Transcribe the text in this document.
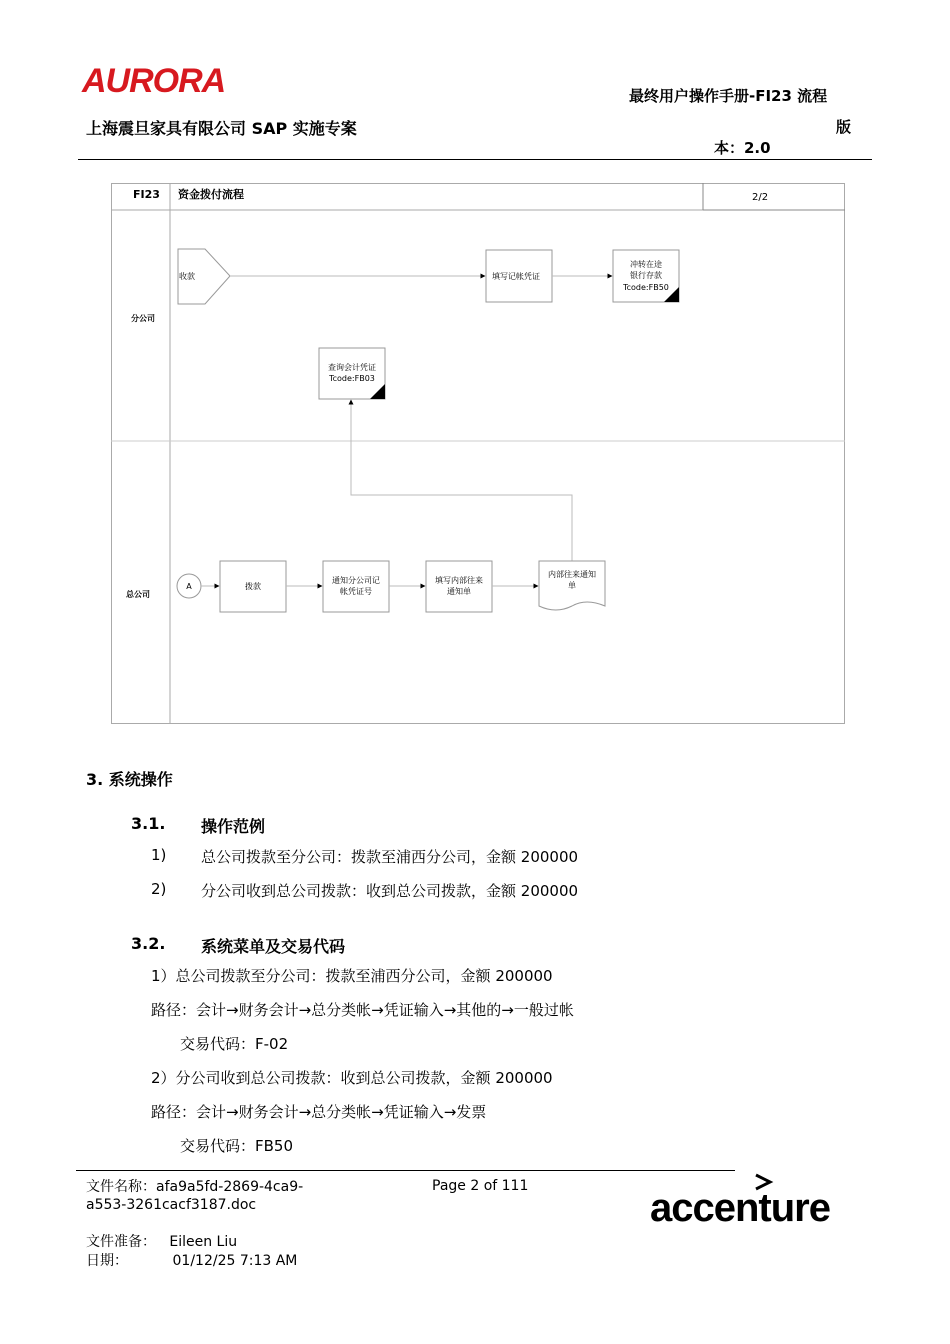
AURORA
上海震旦家具有限公司 SAP 实施专案
最终用户操作手册-FI23 流程
版
本：2.0
FI23 资金拨付流程	2/2
分公司
总公司
收款	填写记帐凭证
冲转在途
银行存款
Tcode:FB50
查询会计凭证
Tcode:FB03
A	拨款
通知分公司记
帐凭证号
填写内部往来
通知单
内部往来通知
单
3. 系统操作
3.1. 操作范例
1) 总公司拨款至分公司：拨款至浦西分公司，金额 200000
2) 分公司收到总公司拨款：收到总公司拨款，金额 200000
3.2. 系统菜单及交易代码
1）总公司拨款至分公司：拨款至浦西分公司，金额 200000
路径：会计→财务会计→总分类帐→凭证输入→其他的→一般过帐
交易代码：F-02
2）分公司收到总公司拨款：收到总公司拨款，金额 200000
路径：会计→财务会计→总分类帐→凭证输入→发票
交易代码：FB50
文件名称：afa9a5fd-2869-4ca9-
a553-3261cacf3187.doc
Page 2 of 111
文件准备：   Eileen Liu
日期：          01/12/25 7:13 AM
accenture
